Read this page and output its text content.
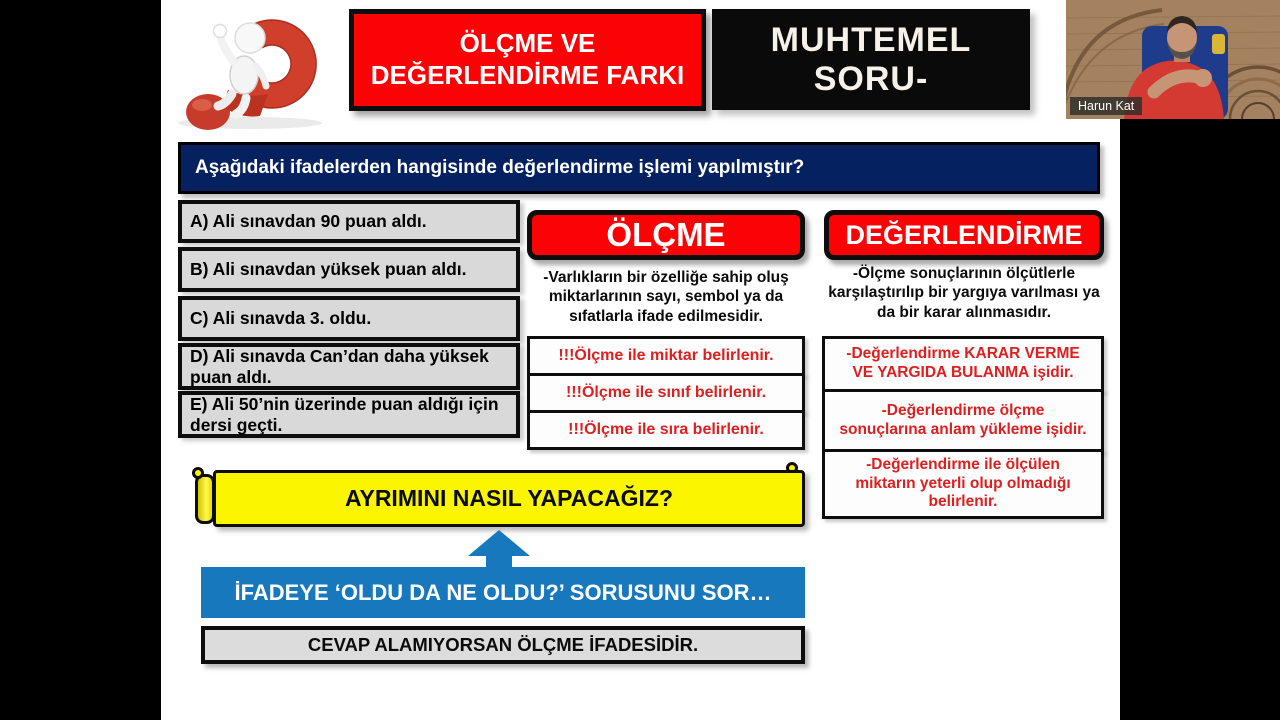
ÖLÇME VE
DEĞERLENDİRME FARKI
MUHTEMEL SORU-
Harun Kat
Aşağıdaki ifadelerden hangisinde değerlendirme işlemi yapılmıştır?
A) Ali sınavdan 90 puan aldı.
B) Ali sınavdan yüksek puan aldı.
C) Ali sınavda 3. oldu.
D) Ali sınavda Can’dan daha yüksek puan aldı.
E) Ali 50’nin üzerinde puan aldığı için dersi geçti.
ÖLÇME
-Varlıkların bir özelliğe sahip oluş miktarlarının sayı, sembol ya da sıfatlarla ifade edilmesidir.
!!!Ölçme ile miktar belirlenir.
!!!Ölçme ile sınıf belirlenir.
!!!Ölçme ile sıra belirlenir.
DEĞERLENDİRME
-Ölçme sonuçlarının ölçütlerle karşılaştırılıp bir yargıya varılması ya da bir karar alınmasıdır.
-Değerlendirme KARAR VERME VE YARGIDA BULANMA işidir.
-Değerlendirme ölçme sonuçlarına anlam yükleme işidir.
-Değerlendirme ile ölçülen miktarın yeterli olup olmadığı belirlenir.
AYRIMINI NASIL YAPACAĞIZ?
İFADEYE ‘OLDU DA NE OLDU?’ SORUSUNU SOR…
CEVAP ALAMIYORSAN ÖLÇME İFADESİDİR.
